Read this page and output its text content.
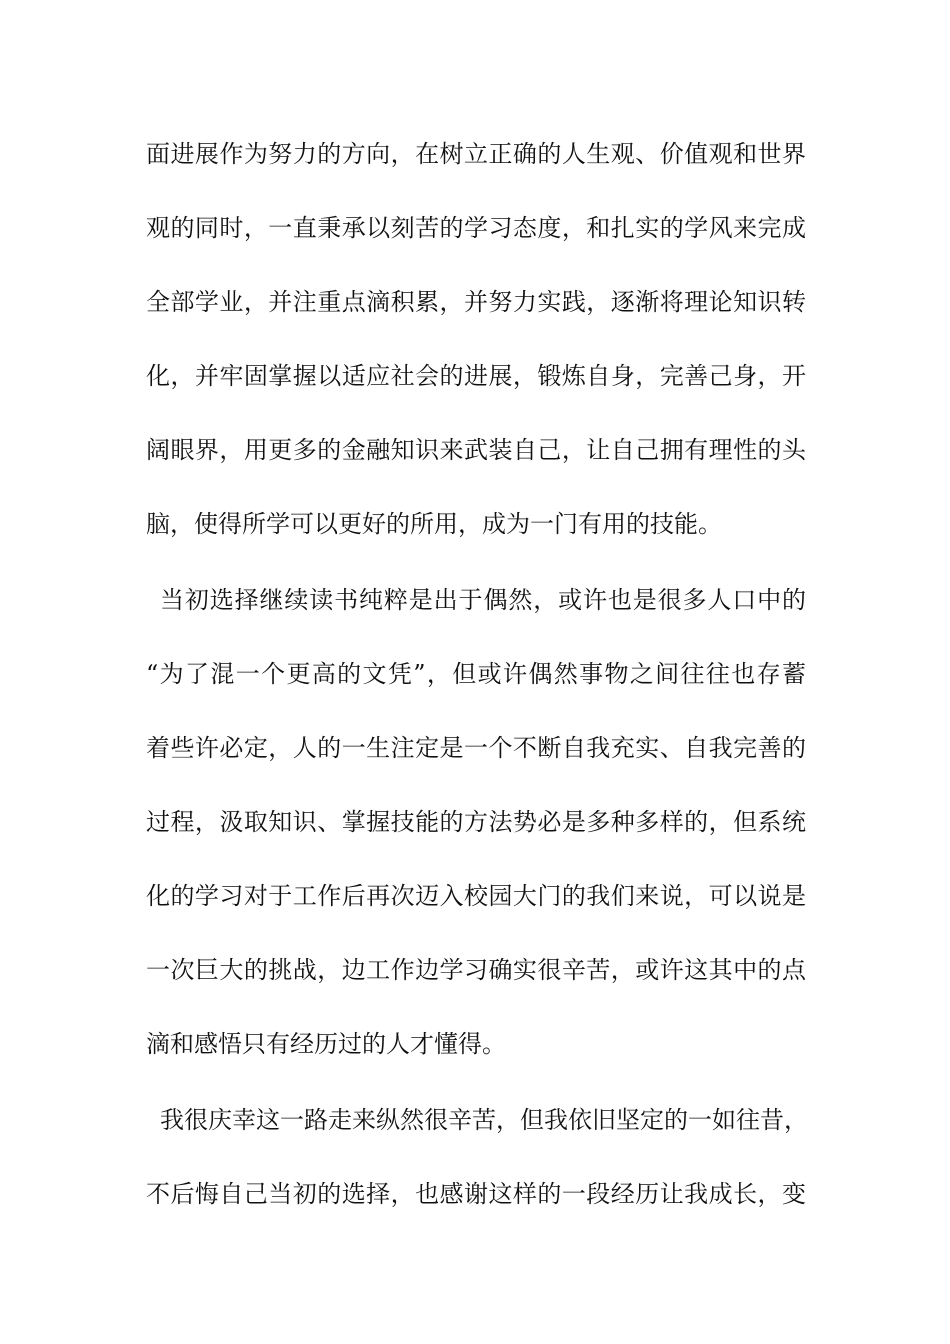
面进展作为努力的方向，在树立正确的人生观、价值观和世界
观的同时，一直秉承以刻苦的学习态度，和扎实的学风来完成
全部学业，并注重点滴积累，并努力实践，逐渐将理论知识转
化，并牢固掌握以适应社会的进展，锻炼自身，完善己身，开
阔眼界，用更多的金融知识来武装自己，让自己拥有理性的头
脑，使得所学可以更好的所用，成为一门有用的技能。
当初选择继续读书纯粹是出于偶然，或许也是很多人口中的
“为了混一个更高的文凭”，但或许偶然事物之间往往也存蓄
着些许必定，人的一生注定是一个不断自我充实、自我完善的
过程，汲取知识、掌握技能的方法势必是多种多样的，但系统
化的学习对于工作后再次迈入校园大门的我们来说，可以说是
一次巨大的挑战，边工作边学习确实很辛苦，或许这其中的点
滴和感悟只有经历过的人才懂得。
我很庆幸这一路走来纵然很辛苦，但我依旧坚定的一如往昔，
不后悔自己当初的选择，也感谢这样的一段经历让我成长，变
